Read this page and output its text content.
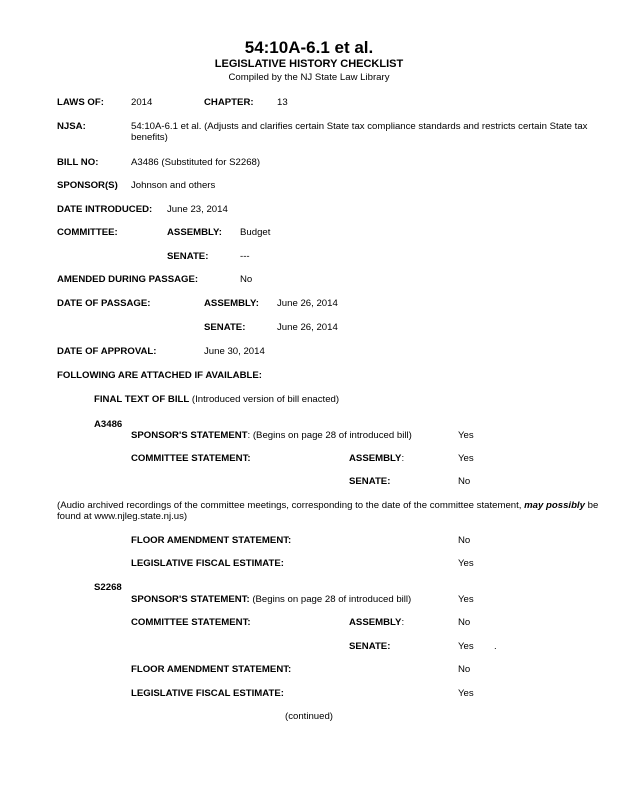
54:10A-6.1 et al.
LEGISLATIVE HISTORY CHECKLIST
Compiled by the NJ State Law Library
LAWS OF:	2014	CHAPTER: 13
NJSA:	54:10A-6.1 et al. (Adjusts and clarifies certain State tax compliance standards and restricts certain State tax benefits)
BILL NO:	A3486 (Substituted for S2268)
SPONSOR(S) Johnson and others
DATE INTRODUCED: June 23, 2014
COMMITTEE:	ASSEMBLY: Budget
SENATE:	---
AMENDED DURING PASSAGE:	No
DATE OF PASSAGE:	ASSEMBLY: June 26, 2014
SENATE:	June 26, 2014
DATE OF APPROVAL:	June 30, 2014
FOLLOWING ARE ATTACHED IF AVAILABLE:
FINAL TEXT OF BILL (Introduced version of bill enacted)
A3486
SPONSOR'S STATEMENT: (Begins on page 28 of introduced bill)	Yes
COMMITTEE STATEMENT:	ASSEMBLY:	Yes
SENATE:	No
(Audio archived recordings of the committee meetings, corresponding to the date of the committee statement, may possibly be found at www.njleg.state.nj.us)
FLOOR AMENDMENT STATEMENT:	No
LEGISLATIVE FISCAL ESTIMATE:	Yes
S2268
SPONSOR'S STATEMENT: (Begins on page 28 of introduced bill)	Yes
COMMITTEE STATEMENT:	ASSEMBLY:	No
SENATE:	Yes .
FLOOR AMENDMENT STATEMENT:	No
LEGISLATIVE FISCAL ESTIMATE:	Yes
(continued)
